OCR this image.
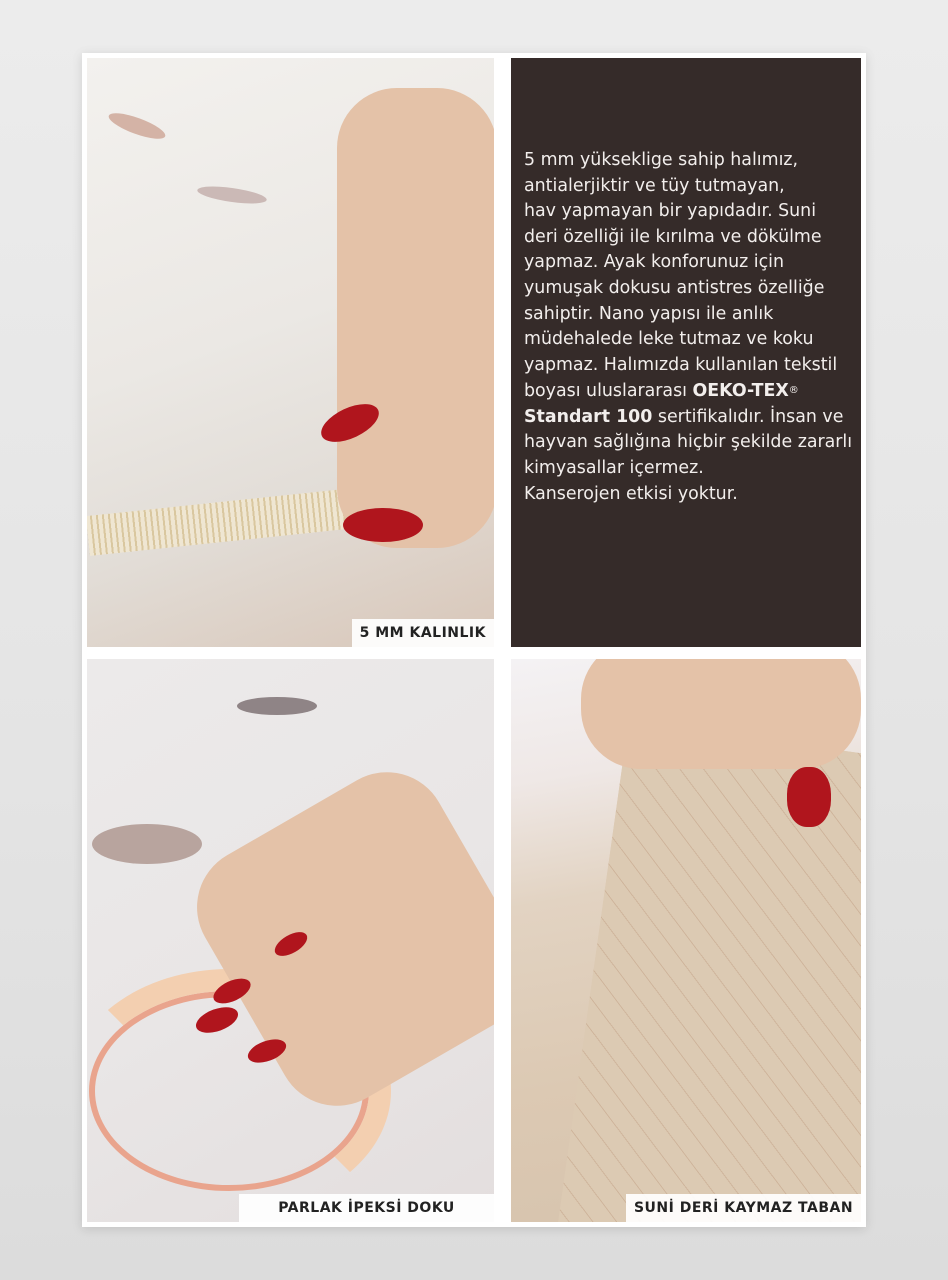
5 MM KALINLIK
5 mm yükseklige sahip halımız,
antialerjiktir ve tüy tutmayan,
hav yapmayan bir yapıdadır. Suni
deri özelliği ile kırılma ve dökülme
yapmaz. Ayak konforunuz için
yumuşak dokusu antistres özelliğe
sahiptir. Nano yapısı ile anlık
müdehalede leke tutmaz ve koku
yapmaz. Halımızda kullanılan tekstil
boyası uluslararası OEKO-TEX®
Standart 100 sertifikalıdır. İnsan ve
hayvan sağlığına hiçbir şekilde zararlı
kimyasallar içermez.
Kanserojen etkisi yoktur.
PARLAK İPEKSİ DOKU	SUNİ DERİ KAYMAZ TABAN
